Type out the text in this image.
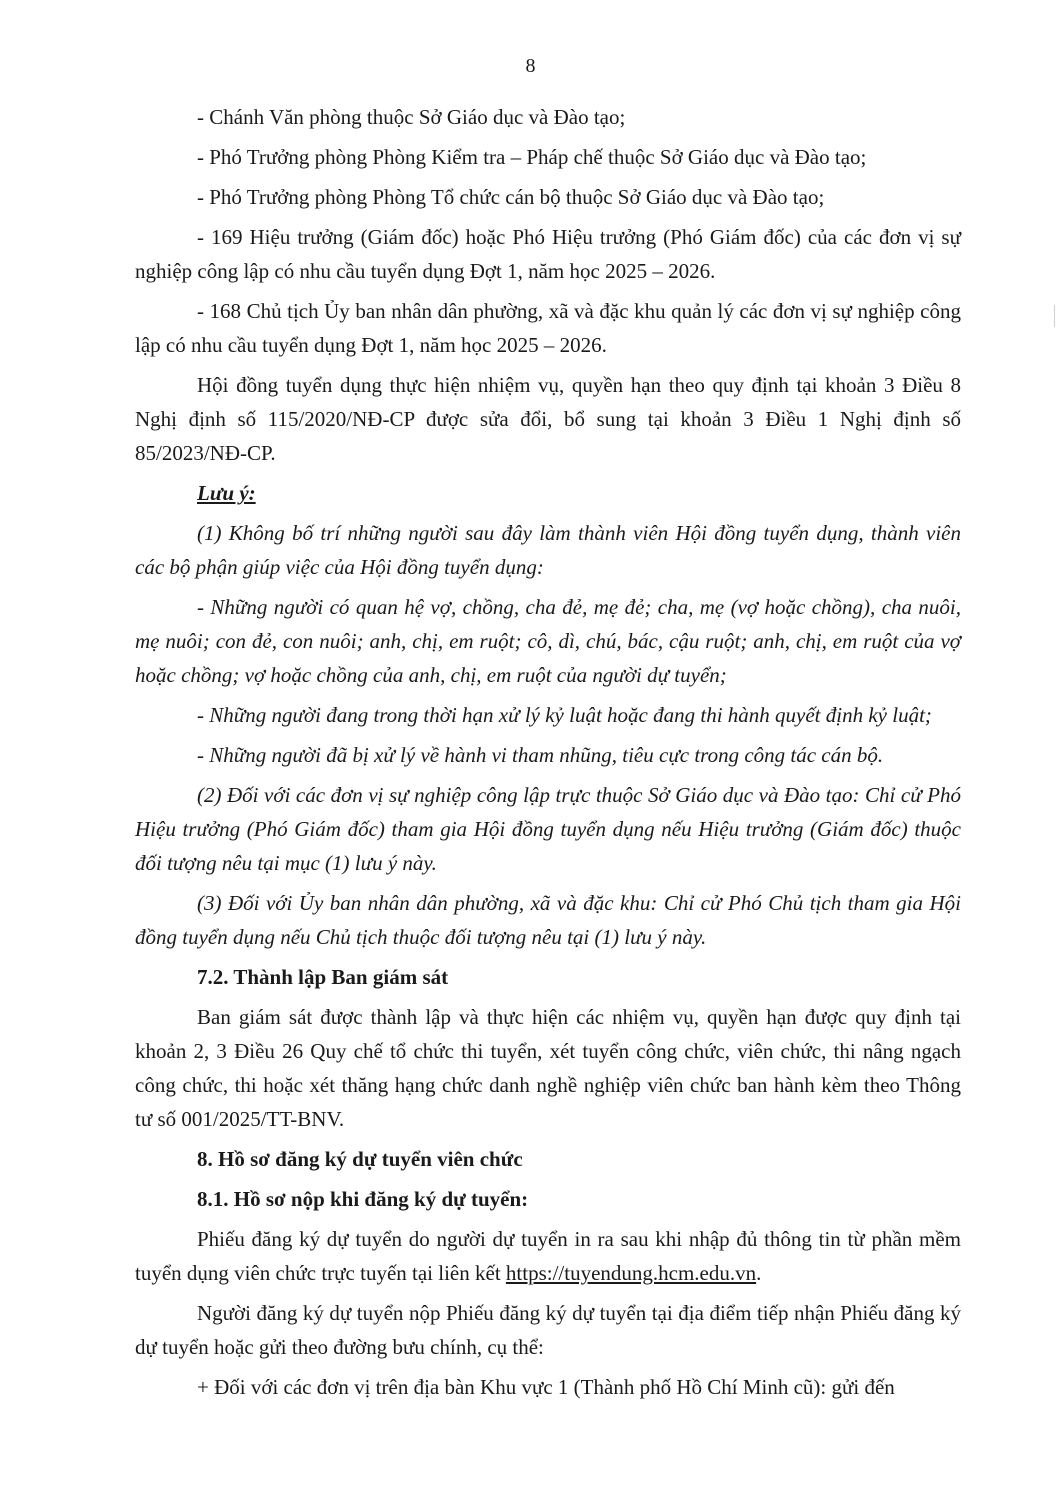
8

- Chánh Văn phòng thuộc Sở Giáo dục và Đào tạo;

- Phó Trưởng phòng Phòng Kiểm tra – Pháp chế thuộc Sở Giáo dục và Đào tạo;

- Phó Trưởng phòng Phòng Tổ chức cán bộ thuộc Sở Giáo dục và Đào tạo;

- 169 Hiệu trưởng (Giám đốc) hoặc Phó Hiệu trưởng (Phó Giám đốc) của các đơn vị sự nghiệp công lập có nhu cầu tuyển dụng Đợt 1, năm học 2025 – 2026.

- 168 Chủ tịch Ủy ban nhân dân phường, xã và đặc khu quản lý các đơn vị sự nghiệp công lập có nhu cầu tuyển dụng Đợt 1, năm học 2025 – 2026.

Hội đồng tuyển dụng thực hiện nhiệm vụ, quyền hạn theo quy định tại khoản 3 Điều 8 Nghị định số 115/2020/NĐ-CP được sửa đổi, bổ sung tại khoản 3 Điều 1 Nghị định số 85/2023/NĐ-CP.

Lưu ý:

(1) Không bố trí những người sau đây làm thành viên Hội đồng tuyển dụng, thành viên các bộ phận giúp việc của Hội đồng tuyển dụng:

- Những người có quan hệ vợ, chồng, cha đẻ, mẹ đẻ; cha, mẹ (vợ hoặc chồng), cha nuôi, mẹ nuôi; con đẻ, con nuôi; anh, chị, em ruột; cô, dì, chú, bác, cậu ruột; anh, chị, em ruột của vợ hoặc chồng; vợ hoặc chồng của anh, chị, em ruột của người dự tuyển;

- Những người đang trong thời hạn xử lý kỷ luật hoặc đang thi hành quyết định kỷ luật;

- Những người đã bị xử lý về hành vi tham nhũng, tiêu cực trong công tác cán bộ.

(2) Đối với các đơn vị sự nghiệp công lập trực thuộc Sở Giáo dục và Đào tạo: Chỉ cử Phó Hiệu trưởng (Phó Giám đốc) tham gia Hội đồng tuyển dụng nếu Hiệu trưởng (Giám đốc) thuộc đối tượng nêu tại mục (1) lưu ý này.

(3) Đối với Ủy ban nhân dân phường, xã và đặc khu: Chỉ cử Phó Chủ tịch tham gia Hội đồng tuyển dụng nếu Chủ tịch thuộc đối tượng nêu tại (1) lưu ý này.

7.2. Thành lập Ban giám sát

Ban giám sát được thành lập và thực hiện các nhiệm vụ, quyền hạn được quy định tại khoản 2, 3 Điều 26 Quy chế tổ chức thi tuyển, xét tuyển công chức, viên chức, thi nâng ngạch công chức, thi hoặc xét thăng hạng chức danh nghề nghiệp viên chức ban hành kèm theo Thông tư số 001/2025/TT-BNV.

8. Hồ sơ đăng ký dự tuyển viên chức

8.1. Hồ sơ nộp khi đăng ký dự tuyển:

Phiếu đăng ký dự tuyển do người dự tuyển in ra sau khi nhập đủ thông tin từ phần mềm tuyển dụng viên chức trực tuyến tại liên kết https://tuyendung.hcm.edu.vn.

Người đăng ký dự tuyển nộp Phiếu đăng ký dự tuyển tại địa điểm tiếp nhận Phiếu đăng ký dự tuyển hoặc gửi theo đường bưu chính, cụ thể:

+ Đối với các đơn vị trên địa bàn Khu vực 1 (Thành phố Hồ Chí Minh cũ): gửi đến
